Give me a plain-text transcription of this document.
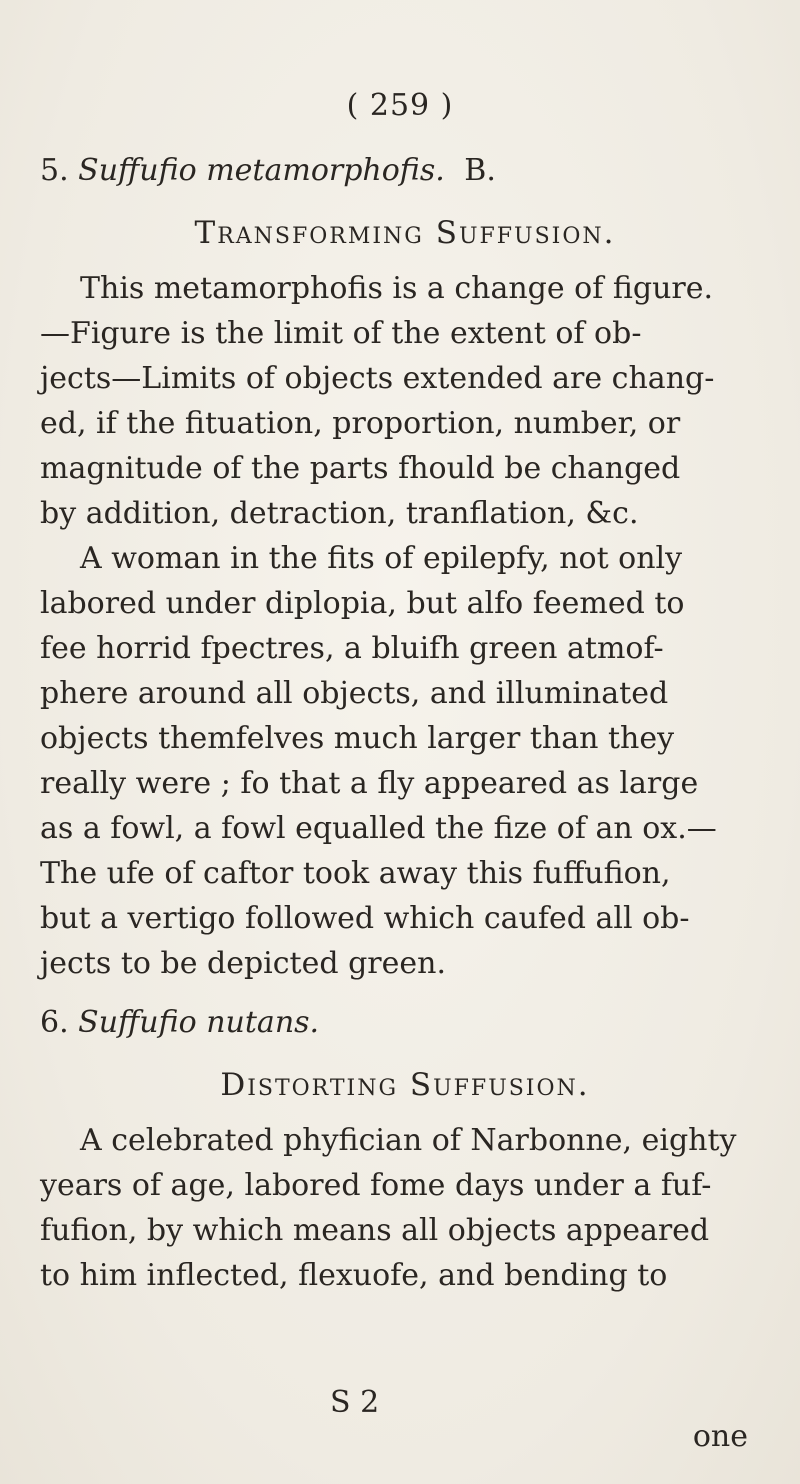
( 259 )
5. Suffufio metamorphofis. B.
Transforming Suffusion.
This metamorphofis is a change of figure.
—Figure is the limit of the extent of ob-
jects—Limits of objects extended are chang-
ed, if the fituation, proportion, number, or
magnitude of the parts fhould be changed
by addition, detraction, tranflation, &c.
A woman in the fits of epilepfy, not only
labored under diplopia, but alfo feemed to
fee horrid fpectres, a bluifh green atmof-
phere around all objects, and illuminated
objects themfelves much larger than they
really were ; fo that a fly appeared as large
as a fowl, a fowl equalled the fize of an ox.—
The ufe of caftor took away this fuffufion,
but a vertigo followed which caufed all ob-
jects to be depicted green.
6. Suffufio nutans.
Distorting Suffusion.
A celebrated phyfician of Narbonne, eighty
years of age, labored fome days under a fuf-
fufion, by which means all objects appeared
to him inflected, flexuofe, and bending to
S 2
one
